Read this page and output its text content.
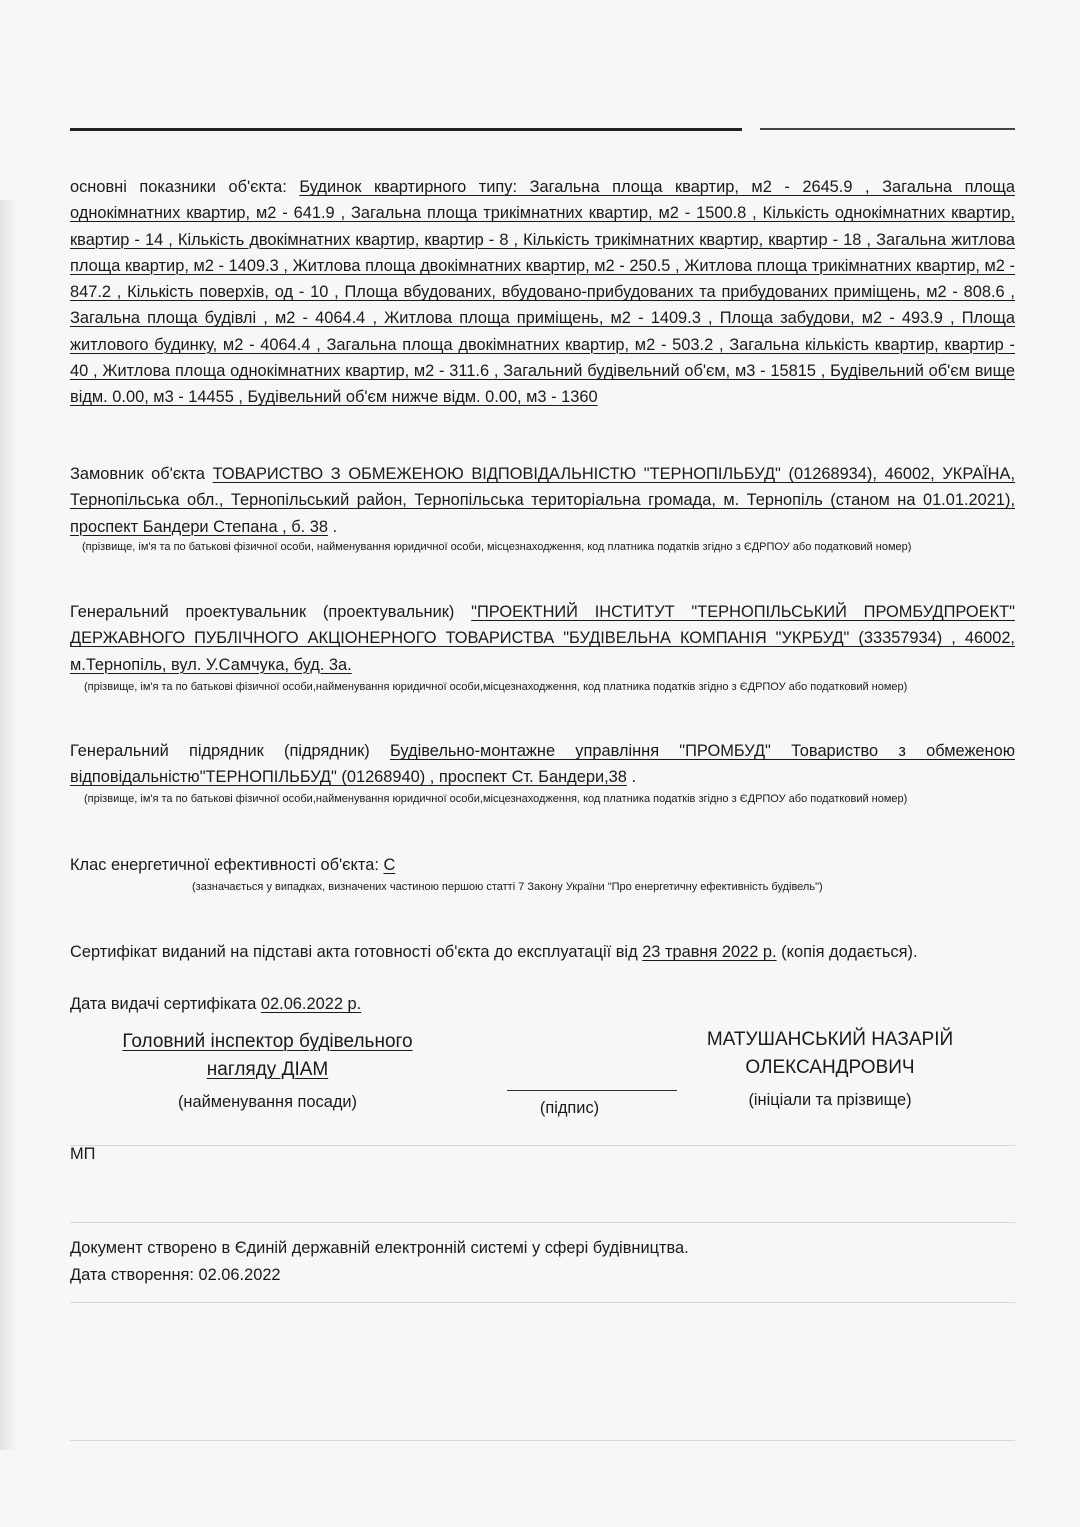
основні показники об'єкта: Будинок квартирного типу: Загальна площа квартир, м2 - 2645.9 , Загальна площа однокімнатних квартир, м2 - 641.9 , Загальна площа трикімнатних квартир, м2 - 1500.8 , Кількість однокімнатних квартир, квартир - 14 , Кількість двокімнатних квартир, квартир - 8 , Кількість трикімнатних квартир, квартир - 18 , Загальна житлова площа квартир, м2 - 1409.3 , Житлова площа двокімнатних квартир, м2 - 250.5 , Житлова площа трикімнатних квартир, м2 - 847.2 , Кількість поверхів, од - 10 , Площа вбудованих, вбудовано-прибудованих та прибудованих приміщень, м2 - 808.6 , Загальна площа будівлі , м2 - 4064.4 , Житлова площа приміщень, м2 - 1409.3 , Площа забудови, м2 - 493.9 , Площа житлового будинку, м2 - 4064.4 , Загальна площа двокімнатних квартир, м2 - 503.2 , Загальна кількість квартир, квартир - 40 , Житлова площа однокімнатних квартир, м2 - 311.6 , Загальний будівельний об'єм, м3 - 15815 , Будівельний об'єм вище відм. 0.00, м3 - 14455 , Будівельний об'єм нижче відм. 0.00, м3 - 1360
Замовник об'єкта ТОВАРИСТВО З ОБМЕЖЕНОЮ ВІДПОВІДАЛЬНІСТЮ "ТЕРНОПІЛЬБУД" (01268934), 46002, УКРАЇНА, Тернопільська обл., Тернопільський район, Тернопільська територіальна громада, м. Тернопіль (станом на 01.01.2021), проспект Бандери Степана , б. 38 .
(прізвище, ім'я та по батькові фізичної особи, найменування юридичної особи, місцезнаходження, код платника податків згідно з ЄДРПОУ або податковий номер)
Генеральний проектувальник (проектувальник) "ПРОЕКТНИЙ ІНСТИТУТ "ТЕРНОПІЛЬСЬКИЙ ПРОМБУДПРОЕКТ" ДЕРЖАВНОГО ПУБЛІЧНОГО АКЦІОНЕРНОГО ТОВАРИСТВА "БУДІВЕЛЬНА КОМПАНІЯ "УКРБУД" (33357934) , 46002, м.Тернопіль, вул. У.Самчука, буд. 3а.
(прізвище, ім'я та по батькові фізичної особи,найменування юридичної особи,місцезнаходження, код платника податків згідно з ЄДРПОУ або податковий номер)
Генеральний підрядник (підрядник) Будівельно-монтажне управління "ПРОМБУД" Товариство з обмеженою відповідальністю"ТЕРНОПІЛЬБУД" (01268940) , проспект Ст. Бандери,38 .
(прізвище, ім'я та по батькові фізичної особи,найменування юридичної особи,місцезнаходження, код платника податків згідно з ЄДРПОУ або податковий номер)
Клас енергетичної ефективності об'єкта: С
(зазначається у випадках, визначених частиною першою статті 7 Закону України "Про енергетичну ефективність будівель")
Сертифікат виданий на підставі акта готовності об'єкта до експлуатації від 23 травня 2022 р. (копія додається).
Дата видачі сертифіката 02.06.2022 р.
Головний інспектор будівельного
нагляду ДІАМ
(найменування посади)	(підпис)
МАТУШАНСЬКИЙ НАЗАРІЙ
ОЛЕКСАНДРОВИЧ
(ініціали та прізвище)
МП
Документ створено в Єдиній державній електронній системі у сфері будівництва.
Дата створення: 02.06.2022
